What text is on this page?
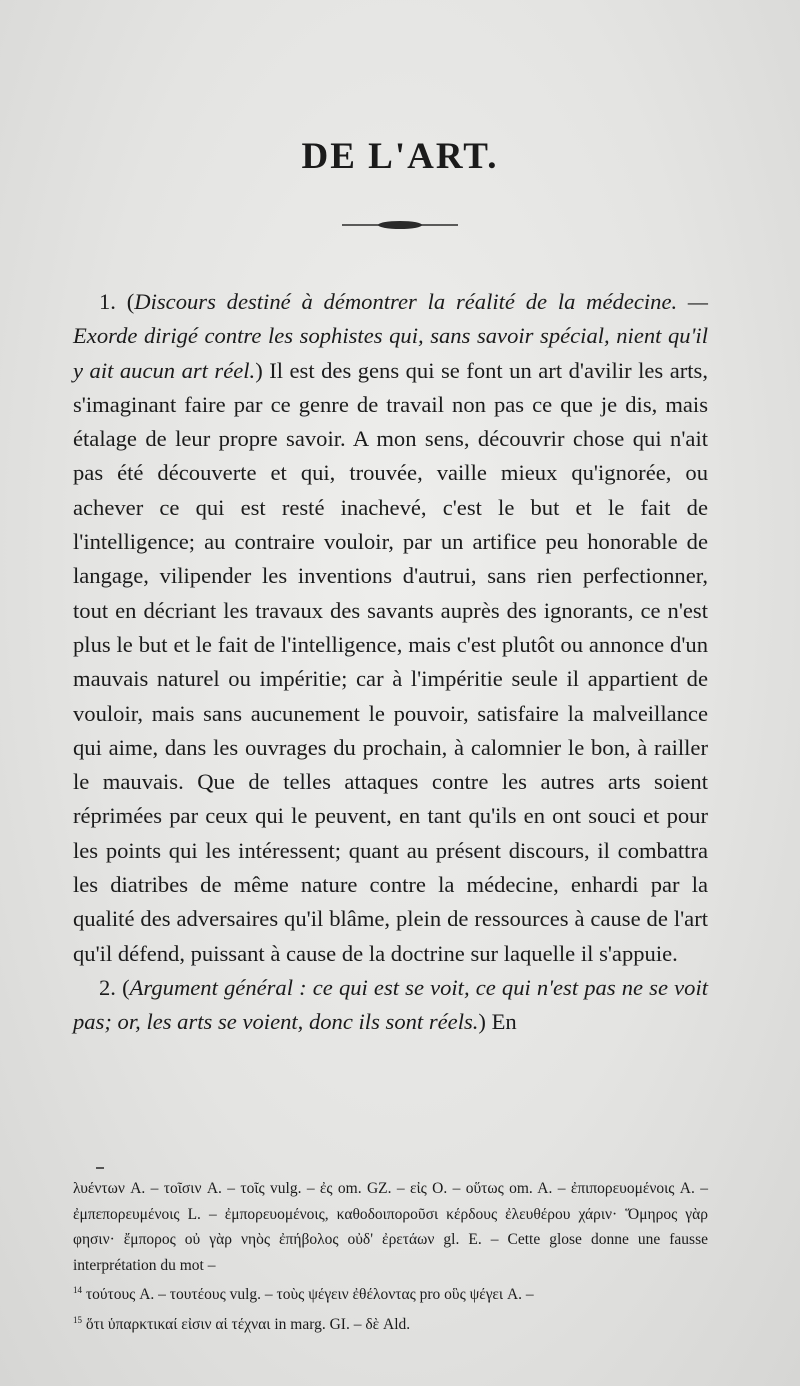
DE L'ART.

1. (Discours destiné à démontrer la réalité de la médecine. — Exorde dirigé contre les sophistes qui, sans savoir spécial, nient qu'il y ait aucun art réel.) Il est des gens qui se font un art d'avilir les arts, s'imaginant faire par ce genre de travail non pas ce que je dis, mais étalage de leur propre savoir. A mon sens, découvrir chose qui n'ait pas été découverte et qui, trouvée, vaille mieux qu'ignorée, ou achever ce qui est resté inachevé, c'est le but et le fait de l'intelligence; au contraire vouloir, par un artifice peu honorable de langage, vilipender les inventions d'autrui, sans rien perfectionner, tout en décriant les travaux des savants auprès des ignorants, ce n'est plus le but et le fait de l'intelligence, mais c'est plutôt ou annonce d'un mauvais naturel ou impéritie; car à l'impéritie seule il appartient de vouloir, mais sans aucunement le pouvoir, satisfaire la malveillance qui aime, dans les ouvrages du prochain, à calomnier le bon, à railler le mauvais. Que de telles attaques contre les autres arts soient réprimées par ceux qui le peuvent, en tant qu'ils en ont souci et pour les points qui les intéressent; quant au présent discours, il combattra les diatribes de même nature contre la médecine, enhardi par la qualité des adversaires qu'il blâme, plein de ressources à cause de l'art qu'il défend, puissant à cause de la doctrine sur laquelle il s'appuie.

2. (Argument général : ce qui est se voit, ce qui n'est pas ne se voit pas; or, les arts se voient, donc ils sont réels.) En

λυέντων A. – τοῖσιν A. – τοῖς vulg. – ἐς om. GZ. – εἰς O. – οὕτως om. A. – ἐπιπορευομένοις A. – ἐμπεπορευμένοις L. – ἐμπορευομένοις, καθοδοιποροῦσι κέρδους ἐλευθέρου χάριν· Ὅμηρος γὰρ φησιν· ἔμπορος οὐ γὰρ νηὸς ἐπήβολος οὐδ' ἐρετάων gl. E. – Cette glose donne une fausse interprétation du mot –

$^{14}$ τούτους A. – τουτέους vulg. – τοὺς ψέγειν ἐθέλοντας pro οὓς ψέγει A. –

$^{15}$ ὅτι ὑπαρκτικαί εἰσιν αἱ τέχναι in marg. GI. – δὲ Ald.
